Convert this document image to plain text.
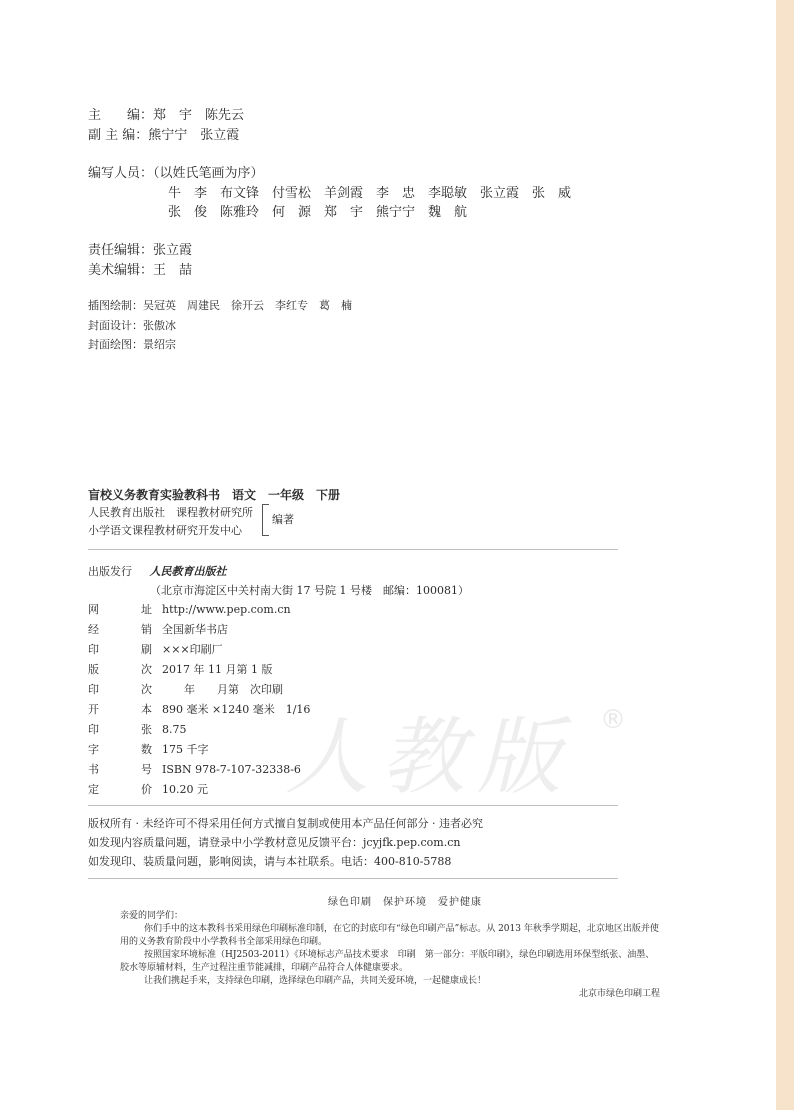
主　　编：郑　宇　陈先云
副 主 编：熊宁宁　张立霞
编写人员：（以姓氏笔画为序）
牛　李　布文锋　付雪松　羊剑霞　李　忠　李聪敏　张立霞　张　威
张　俊　陈雅玲　何　源　郑　宇　熊宁宁　魏　航
责任编辑：张立霞
美术编辑：王　喆
插图绘制：吴冠英　周建民　徐开云　李红专　葛　楠
封面设计：张傲冰
封面绘图：景绍宗
盲校义务教育实验教科书　语文　一年级　下册
人民教育出版社　课程教材研究所
小学语文课程教材研究开发中心
编著
人教版 ®
出版发行 人民教育出版社
（北京市海淀区中关村南大街 17 号院 1 号楼　邮编：100081）
网　　址 http://www.pep.com.cn
经　　销 全国新华书店
印　　刷 ×××印刷厂
版　　次 2017 年 11 月第 1 版
印　　次　　年　　月第　次印刷
开　　本 890 毫米 ×1240 毫米　1/16
印　　张 8.75
字　　数 175 千字
书　　号 ISBN 978-7-107-32338-6
定　　价 10.20 元
版权所有 · 未经许可不得采用任何方式擅自复制或使用本产品任何部分 · 违者必究
如发现内容质量问题，请登录中小学教材意见反馈平台：jcyjfk.pep.com.cn
如发现印、装质量问题，影响阅读，请与本社联系。电话：400-810-5788
绿色印刷　保护环境　爱护健康

亲爱的同学们：

你们手中的这本教科书采用绿色印刷标准印制，在它的封底印有“绿色印刷产品”标志。从 2013 年秋季学期起，北京地区出版并使用的义务教育阶段中小学教科书全部采用绿色印刷。

按照国家环境标准（HJ2503-2011）《环境标志产品技术要求　印刷　第一部分：平版印刷》，绿色印刷选用环保型纸张、油墨、胶水等原辅材料，生产过程注重节能减排，印刷产品符合人体健康要求。

让我们携起手来，支持绿色印刷，选择绿色印刷产品，共同关爱环境，一起健康成长！

北京市绿色印刷工程
